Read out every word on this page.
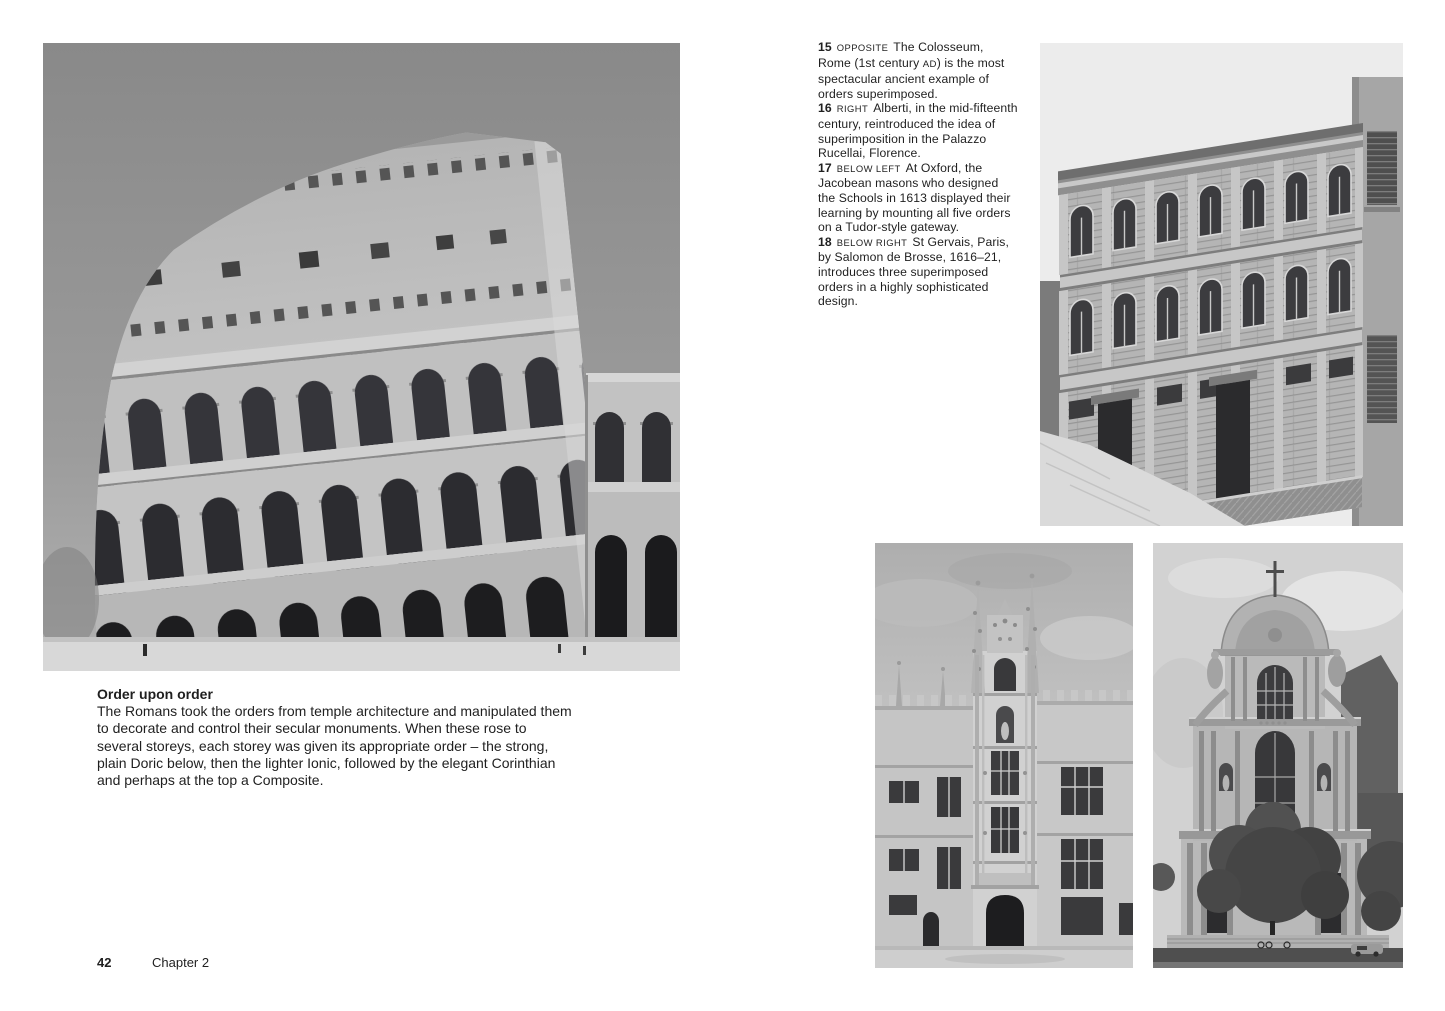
15 OPPOSITE The Colosseum, Rome (1st century AD) is the most spectacular ancient example of orders superimposed.

16 RIGHT Alberti, in the mid-fifteenth century, reintroduced the idea of superimposition in the Palazzo Rucellai, Florence.

17 BELOW LEFT At Oxford, the Jacobean masons who designed the Schools in 1613 displayed their learning by mounting all five orders on a Tudor-style gateway.

18 BELOW RIGHT St Gervais, Paris, by Salomon de Brosse, 1616–21, introduces three superimposed orders in a highly sophisticated design.

Order upon order

The Romans took the orders from temple architecture and manipulated them to decorate and control their secular monuments. When these rose to several storeys, each storey was given its appropriate order – the strong, plain Doric below, then the lighter Ionic, followed by the elegant Corinthian and perhaps at the top a Composite.

42	Chapter 2
